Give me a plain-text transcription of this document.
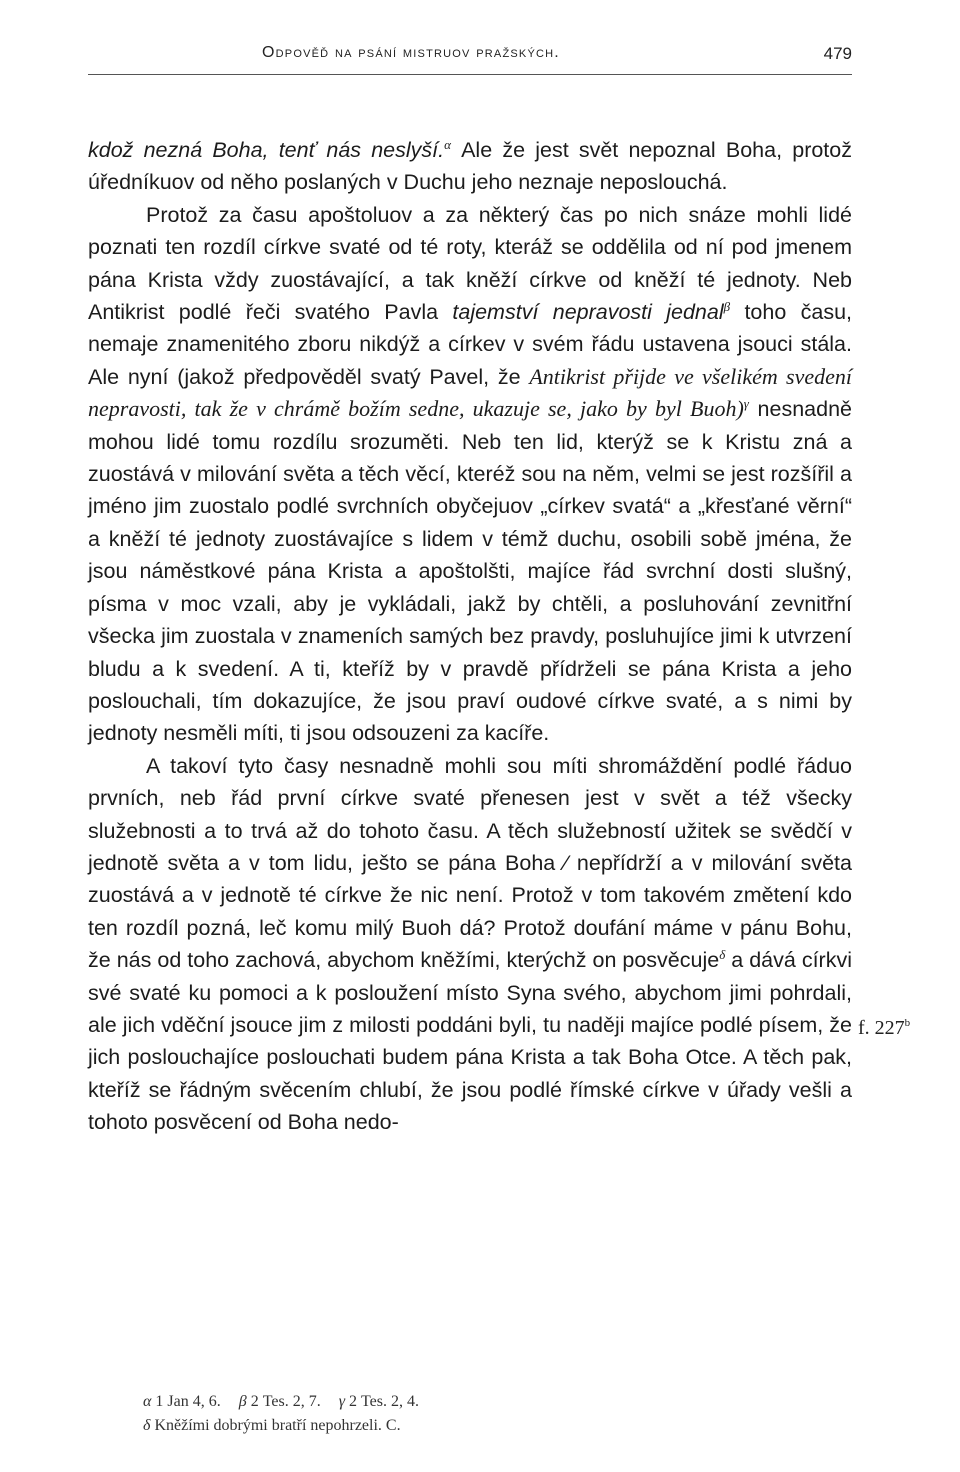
Odpověď na psání mistruov pražských.	479

kdož nezná Boha, tenť nás neslyší.$^\alpha$ Ale že jest svět nepoznal Boha, protož úředníkuov od něho poslaných v Duchu jeho neznaje neposlouchá.

Protož za času apoštoluov a za některý čas po nich snáze mohli lidé poznati ten rozdíl církve svaté od té roty, kteráž se oddělila od ní pod jmenem pána Krista vždy zuostávající, a tak kněží církve od kněží té jednoty. Neb Antikrist podlé řeči svatého Pavla tajemství nepravosti jednal$^\beta$ toho času, nemaje znamenitého zboru nikdýž a církev v svém řádu ustavena jsouci stála. Ale nyní (jakož předpověděl svatý Pavel, že Antikrist přijde ve všelikém svedení nepravosti, tak že v chrámě božím sedne, ukazuje se, jako by byl Buoh)$^\gamma$ nesnadně mohou lidé tomu rozdílu srozuměti. Neb ten lid, kterýž se k Kristu zná a zuostává v milování světa a těch věcí, kteréž sou na něm, velmi se jest rozšířil a jméno jim zuostalo podlé svrchních obyčejuov „církev svatá“ a „křesťané věrní“ a kněží té jednoty zuostávajíce s lidem v témž duchu, osobili sobě jména, že jsou náměstkové pána Krista a apoštolšti, majíce řád svrchní dosti slušný, písma v moc vzali, aby je vykládali, jakž by chtěli, a posluhování zevnitřní všecka jim zuostala v znameních samých bez pravdy, posluhujíce jimi k utvrzení bludu a k svedení. A ti, kteříž by v pravdě přídrželi se pána Krista a jeho poslouchali, tím dokazujíce, že jsou praví oudové církve svaté, a s nimi by jednoty nesměli míti, ti jsou odsouzeni za kacíře.

A takoví tyto časy nesnadně mohli sou míti shromáždění podlé řáduo prvních, neb řád první církve svaté přenesen jest v svět a též všecky služebnosti a to trvá až do tohoto času. A těch služebností užitek se svědčí v jednotě světa a v tom lidu, ješto se pána Boha ⁄ nepřídrží a v milování světa zuostává a v jednotě té církve že nic není. Protož v tom takovém změtení kdo ten rozdíl pozná, leč komu milý Buoh dá? Protož doufání máme v pánu Bohu, že nás od toho zachová, abychom kněžími, kterýchž on posvěcuje$^\delta$ a dává církvi své svaté ku pomoci a k posloužení místo Syna svého, abychom jimi pohrdali, ale jich vděční jsouce jim z milosti poddáni byli, tu naději majíce podlé písem, že jich poslouchajíce poslouchati budem pána Krista a tak Boha Otce. A těch pak, kteříž se řádným svěcením chlubí, že jsou podlé římské církve v úřady vešli a tohoto posvěcení od Boha nedo-

α 1 Jan 4, 6. β 2 Tes. 2, 7. γ 2 Tes. 2, 4.
δ Kněžími dobrými bratří nepohrzeli. C.
f. 227$^b$
